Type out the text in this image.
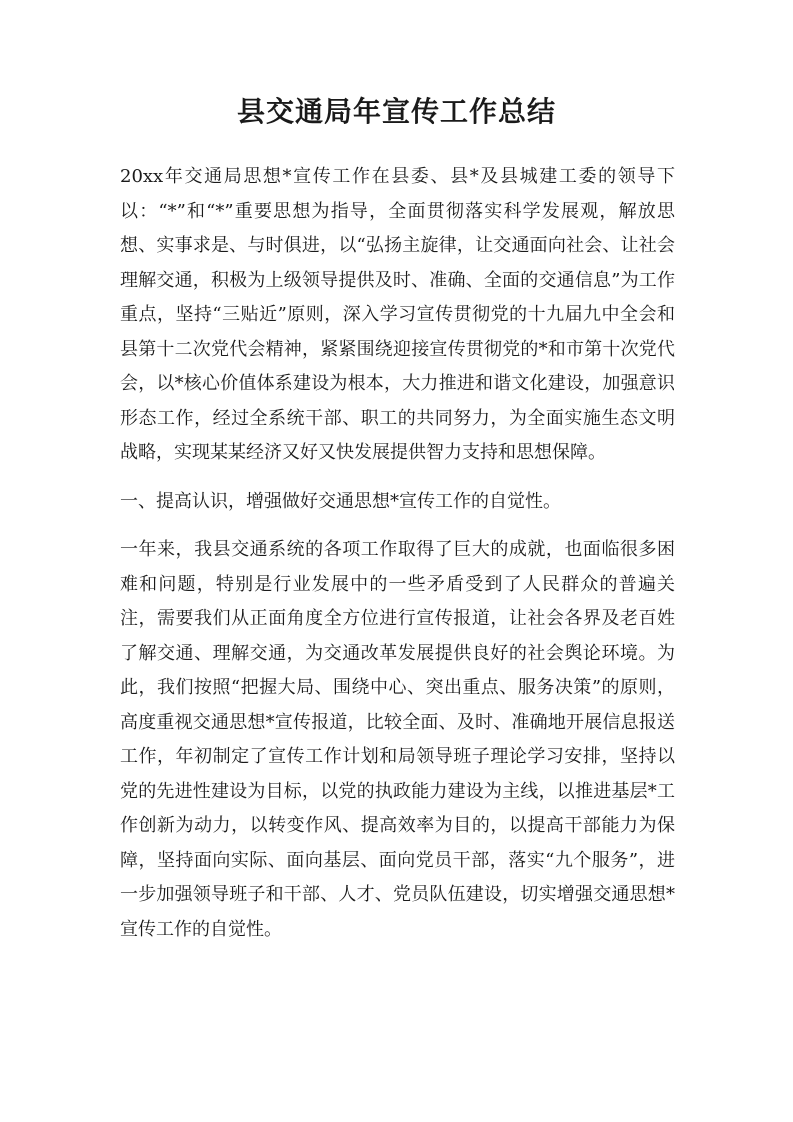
县交通局年宣传工作总结

20xx年交通局思想*宣传工作在县委、县*及县城建工委的领导下以：“*”和“*”重要思想为指导，全面贯彻落实科学发展观，解放思想、实事求是、与时俱进，以“弘扬主旋律，让交通面向社会、让社会理解交通，积极为上级领导提供及时、准确、全面的交通信息”为工作重点，坚持“三贴近”原则，深入学习宣传贯彻党的十九届九中全会和县第十二次党代会精神，紧紧围绕迎接宣传贯彻党的*和市第十次党代会，以*核心价值体系建设为根本，大力推进和谐文化建设，加强意识形态工作，经过全系统干部、职工的共同努力，为全面实施生态文明战略，实现某某经济又好又快发展提供智力支持和思想保障。

一、提高认识，增强做好交通思想*宣传工作的自觉性。

一年来，我县交通系统的各项工作取得了巨大的成就，也面临很多困难和问题，特别是行业发展中的一些矛盾受到了人民群众的普遍关注，需要我们从正面角度全方位进行宣传报道，让社会各界及老百姓了解交通、理解交通，为交通改革发展提供良好的社会舆论环境。为此，我们按照“把握大局、围绕中心、突出重点、服务决策”的原则，高度重视交通思想*宣传报道，比较全面、及时、准确地开展信息报送工作，年初制定了宣传工作计划和局领导班子理论学习安排，坚持以党的先进性建设为目标，以党的执政能力建设为主线，以推进基层*工作创新为动力，以转变作风、提高效率为目的，以提高干部能力为保障，坚持面向实际、面向基层、面向党员干部，落实“九个服务”，进一步加强领导班子和干部、人才、党员队伍建设，切实增强交通思想*宣传工作的自觉性。
